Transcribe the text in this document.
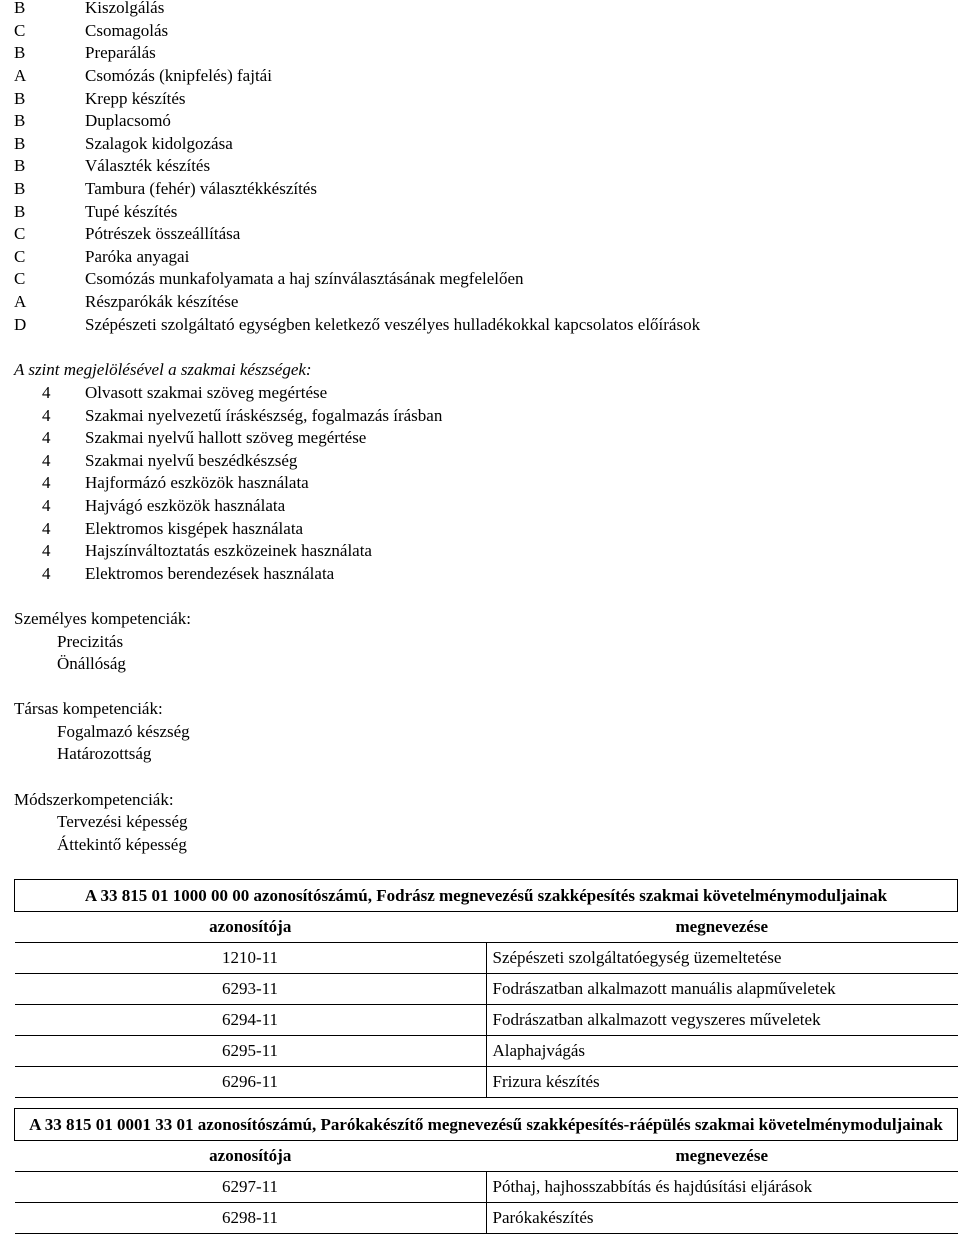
B	Kiszolgálás
C	Csomagolás
B	Preparálás
A	Csomózás (knipfelés) fajtái
B	Krepp készítés
B	Duplacsomó
B	Szalagok kidolgozása
B	Választék készítés
B	Tambura (fehér) választékkészítés
B	Tupé készítés
C	Pótrészek összeállítása
C	Paróka anyagai
C	Csomózás munkafolyamata a haj színválasztásának megfelelően
A	Részparókák készítése
D	Szépészeti szolgáltató egységben keletkező veszélyes hulladékokkal kapcsolatos előírások
A szint megjelölésével a szakmai készségek:
4 Olvasott szakmai szöveg megértése
4 Szakmai nyelvezetű íráskészség, fogalmazás írásban
4 Szakmai nyelvű hallott szöveg megértése
4 Szakmai nyelvű beszédkészség
4 Hajformázó eszközök használata
4 Hajvágó eszközök használata
4 Elektromos kisgépek használata
4 Hajszínváltoztatás eszközeinek használata
4 Elektromos berendezések használata
Személyes kompetenciák:
Precizitás
Önállóság
Társas kompetenciák:
Fogalmazó készség
Határozottság
Módszerkompetenciák:
Tervezési képesség
Áttekintő képesség
A 33 815 01 1000 00 00 azonosítószámú, Fodrász megnevezésű szakképesítés szakmai követelménymoduljainak	
azonosítója	megnevezése
1210-11	Szépészeti szolgáltatóegység üzemeltetése
6293-11	Fodrászatban alkalmazott manuális alapműveletek
6294-11	Fodrászatban alkalmazott vegyszeres műveletek
6295-11	Alaphajvágás
6296-11	Frizura készítés
A 33 815 01 0001 33 01 azonosítószámú, Parókakészítő megnevezésű szakképesítés-ráépülés szakmai követelménymoduljainak	
azonosítója	megnevezése
6297-11	Póthaj, hajhosszabbítás és hajdúsítási eljárások
6298-11	Parókakészítés
